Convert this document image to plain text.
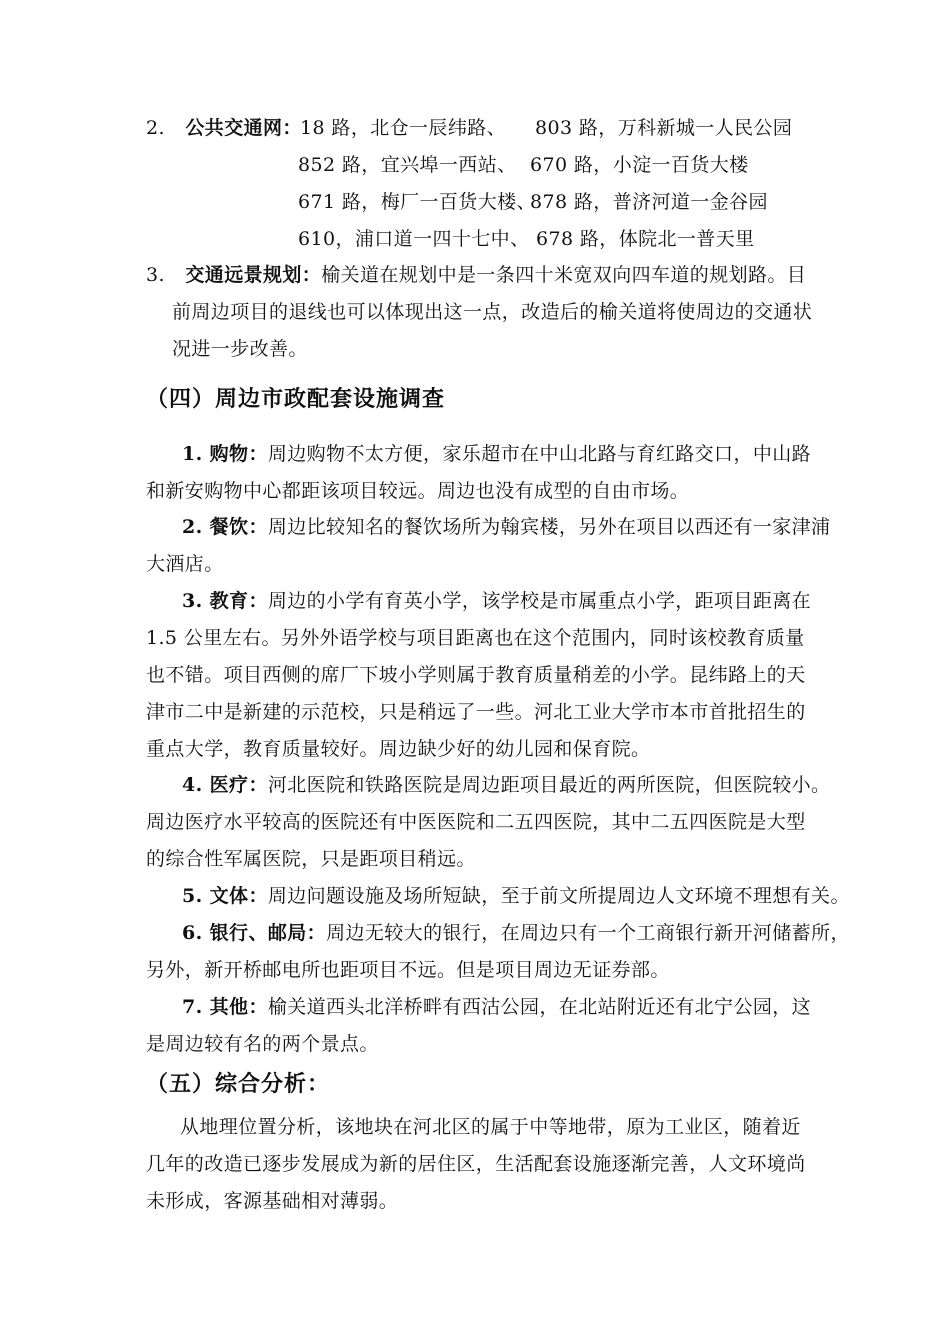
2. 公共交通网：
18 路，北仓一辰纬路、 803 路，万科新城一人民公园
852 路，宜兴埠一西站、 670 路，小淀一百货大楼
671 路，梅厂一百货大楼、
878 路，普济河道一金谷园
610，浦口道一四十七中、 678 路，体院北一普天里
3. 交通远景规划：榆关道在规划中是一条四十米宽双向四车道的规划路。目
前周边项目的退线也可以体现出这一点，改造后的榆关道将使周边的交通状
况进一步改善。
（四）周边市政配套设施调查
1. 购物：周边购物不太方便，家乐超市在中山北路与育红路交口，中山路
和新安购物中心都距该项目较远。周边也没有成型的自由市场。
2. 餐饮：周边比较知名的餐饮场所为翰宾楼，另外在项目以西还有一家津浦
大酒店。
3. 教育：周边的小学有育英小学，该学校是市属重点小学，距项目距离在
1.5 公里左右。另外外语学校与项目距离也在这个范围内，同时该校教育质量
也不错。项目西侧的席厂下坡小学则属于教育质量稍差的小学。昆纬路上的天
津市二中是新建的示范校，只是稍远了一些。河北工业大学市本市首批招生的
重点大学，教育质量较好。周边缺少好的幼儿园和保育院。
4. 医疗：河北医院和铁路医院是周边距项目最近的两所医院，但医院较小。
周边医疗水平较高的医院还有中医医院和二五四医院，其中二五四医院是大型
的综合性军属医院，只是距项目稍远。
5. 文体：周边问题设施及场所短缺，至于前文所提周边人文环境不理想有关。
6. 银行、邮局：周边无较大的银行，在周边只有一个工商银行新开河储蓄所，
另外，新开桥邮电所也距项目不远。但是项目周边无证券部。
7. 其他：榆关道西头北洋桥畔有西沽公园，在北站附近还有北宁公园，这
是周边较有名的两个景点。
（五）综合分析：
从地理位置分析，该地块在河北区的属于中等地带，原为工业区，随着近
几年的改造已逐步发展成为新的居住区，生活配套设施逐渐完善，人文环境尚
未形成，客源基础相对薄弱。
